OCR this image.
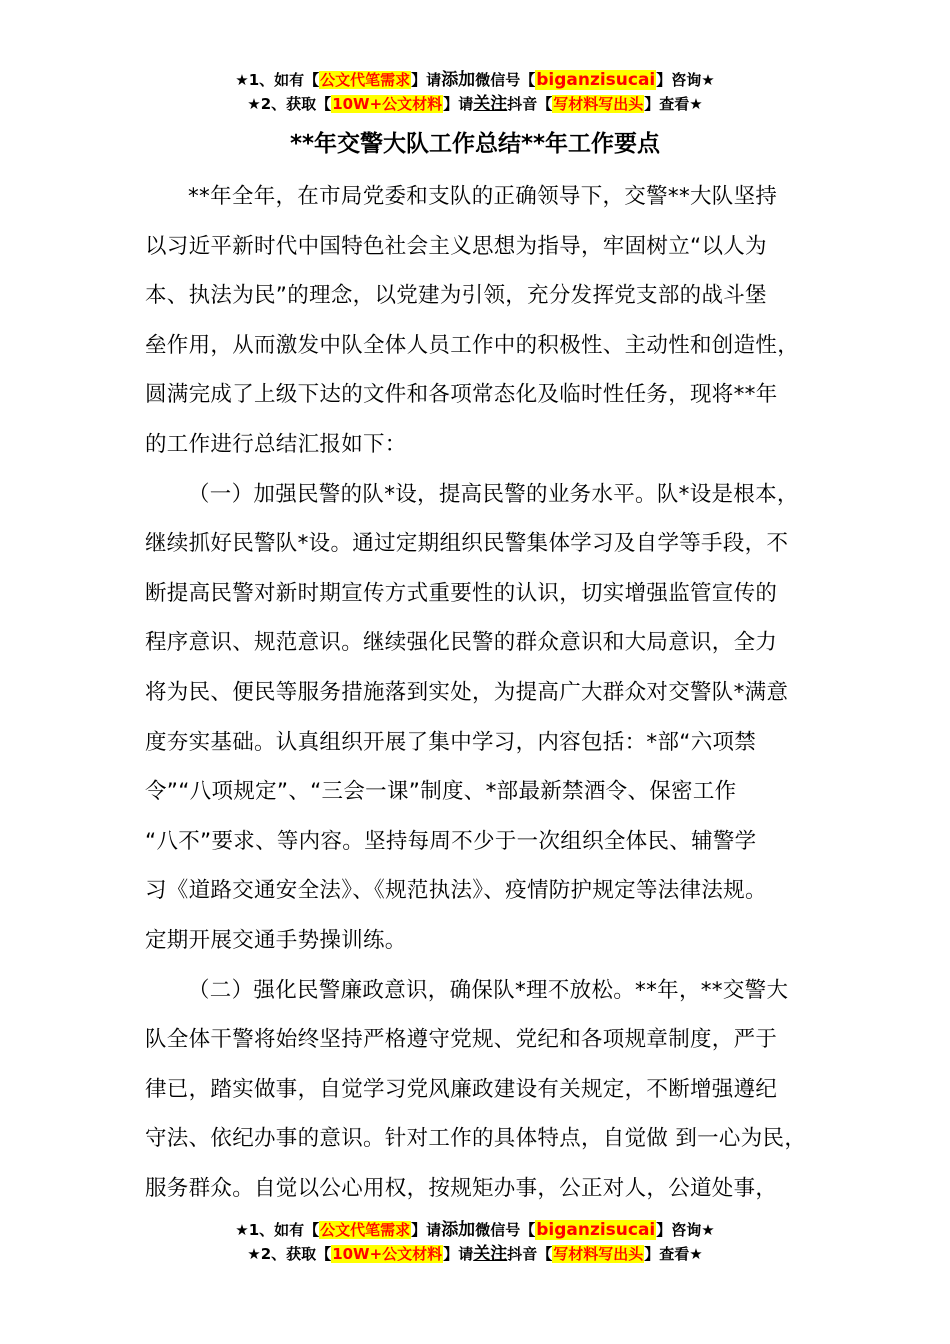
★1、如有【公文代笔需求】请添加微信号【biganzisucai】咨询★
★2、获取【10W+公文材料】请关注抖音【写材料写出头】查看★
**年交警大队工作总结**年工作要点

**年全年，在市局党委和支队的正确领导下，交警**大队坚持
以习近平新时代中国特色社会主义思想为指导，牢固树立“以人为
本、执法为民”的理念，以党建为引领，充分发挥党支部的战斗堡
垒作用，从而激发中队全体人员工作中的积极性、主动性和创造性，
圆满完成了上级下达的文件和各项常态化及临时性任务，现将**年
的工作进行总结汇报如下：

（一）加强民警的队*设，提高民警的业务水平。队*设是根本，
继续抓好民警队*设。通过定期组织民警集体学习及自学等手段，不
断提高民警对新时期宣传方式重要性的认识，切实增强监管宣传的
程序意识、规范意识。继续强化民警的群众意识和大局意识，全力
将为民、便民等服务措施落到实处，为提高广大群众对交警队*满意
度夯实基础。认真组织开展了集中学习，内容包括：*部“六项禁
令”“八项规定”、“三会一课”制度、*部最新禁酒令、保密工作
“八不”要求、等内容。坚持每周不少于一次组织全体民、辅警学
习《道路交通安全法》、《规范执法》、疫情防护规定等法律法规。
定期开展交通手势操训练。

（二）强化民警廉政意识，确保队*理不放松。**年，**交警大
队全体干警将始终坚持严格遵守党规、党纪和各项规章制度，严于
律已，踏实做事，自觉学习党风廉政建设有关规定，不断增强遵纪
守法、依纪办事的意识。针对工作的具体特点，自觉做 到一心为民，
服务群众。自觉以公心用权，按规矩办事，公正对人，公道处事，

★1、如有【公文代笔需求】请添加微信号【biganzisucai】咨询★
★2、获取【10W+公文材料】请关注抖音【写材料写出头】查看★
